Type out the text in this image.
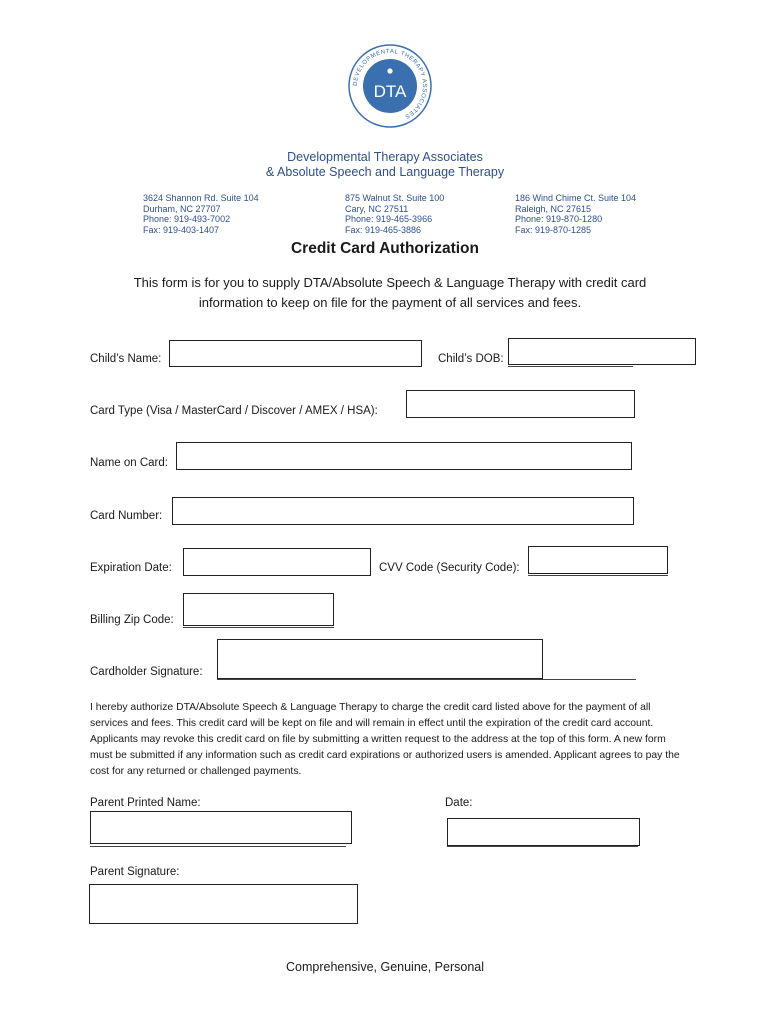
DEVELOPMENTAL THERAPY ASSOCIATES
DTA
Developmental Therapy Associates
& Absolute Speech and Language Therapy
3624 Shannon Rd. Suite 104
Durham, NC 27707
Phone: 919-493-7002
Fax: 919-403-1407
875 Walnut St. Suite 100
Cary, NC 27511
Phone: 919-465-3966
Fax: 919-465-3886
186 Wind Chime Ct. Suite 104
Raleigh, NC 27615
Phone: 919-870-1280
Fax: 919-870-1285
Credit Card Authorization
This form is for you to supply DTA/Absolute Speech & Language Therapy with credit card
information to keep on file for the payment of all services and fees.
Child’s Name:	Child’s DOB:
Card Type (Visa / MasterCard / Discover / AMEX / HSA):
Name on Card:
Card Number:
Expiration Date:	CVV Code (Security Code):
Billing Zip Code:
Cardholder Signature:
I hereby authorize DTA/Absolute Speech & Language Therapy to charge the credit card listed above for the payment of all services and fees. This credit card will be kept on file and will remain in effect until the expiration of the credit card account. Applicants may revoke this credit card on file by submitting a written request to the address at the top of this form. A new form must be submitted if any information such as credit card expirations or authorized users is amended. Applicant agrees to pay the cost for any returned or challenged payments.
Parent Printed Name:	Date:
Parent Signature:
Comprehensive, Genuine, Personal
